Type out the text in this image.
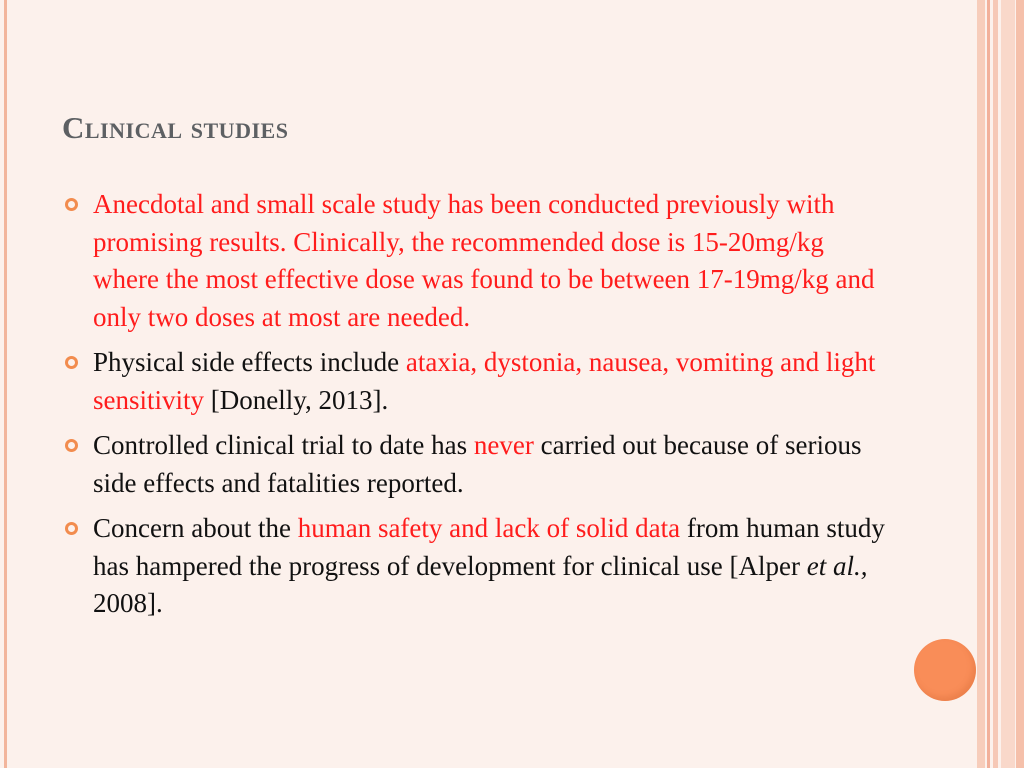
Clinical studies
Anecdotal and small scale study has been conducted previously with promising results. Clinically, the recommended dose is 15-20mg/kg where the most effective dose was found to be between 17-19mg/kg and only two doses at most are needed.
Physical side effects include ataxia, dystonia, nausea, vomiting and light sensitivity [Donelly, 2013].
Controlled clinical trial to date has never carried out because of serious side effects and fatalities reported.
Concern about the human safety and lack of solid data from human study has hampered the progress of development for clinical use [Alper et al., 2008].
